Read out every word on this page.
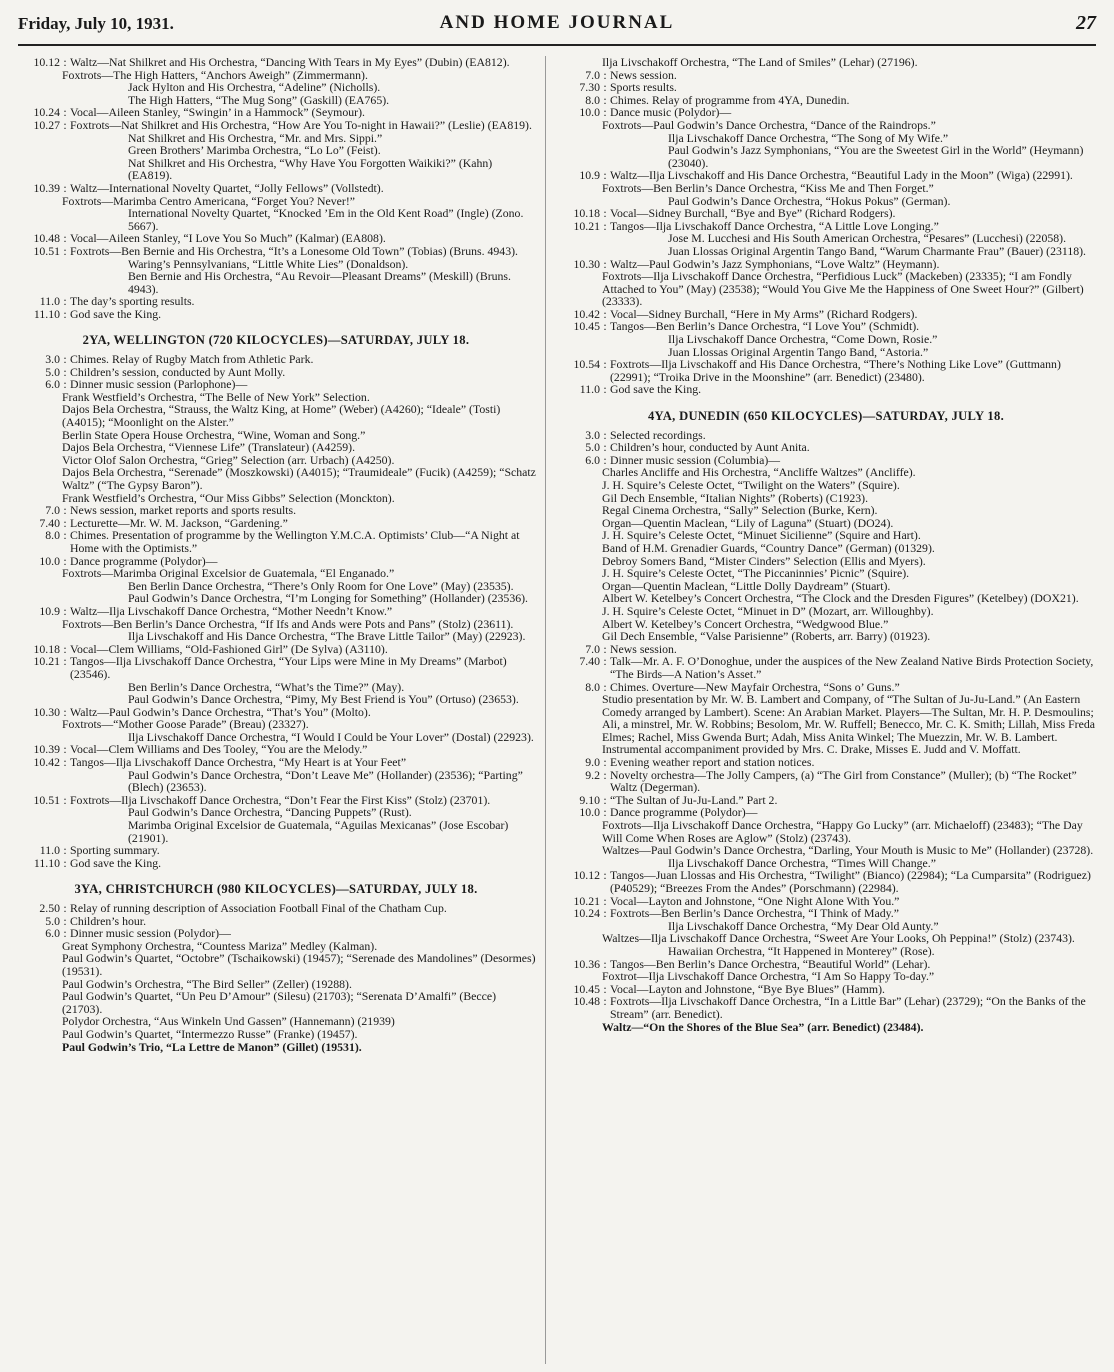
Friday, July 10, 1931.	AND HOME JOURNAL	27
10.12 : Waltz—Nat Shilkret and His Orchestra, “Dancing With Tears in My Eyes” (Dubin) (EA812).
Foxtrots—The High Hatters, “Anchors Aweigh” (Zimmermann).
Jack Hylton and His Orchestra, “Adeline” (Nicholls).
The High Hatters, “The Mug Song” (Gaskill) (EA765).
10.24 : Vocal—Aileen Stanley, “Swingin’ in a Hammock” (Seymour).
10.27 : Foxtrots—Nat Shilkret and His Orchestra, “How Are You To-night in Hawaii?” (Leslie) (EA819).
Nat Shilkret and His Orchestra, “Mr. and Mrs. Sippi.”
Green Brothers’ Marimba Orchestra, “Lo Lo” (Feist).
Nat Shilkret and His Orchestra, “Why Have You Forgotten Waikiki?” (Kahn) (EA819).
10.39 : Waltz—International Novelty Quartet, “Jolly Fellows” (Vollstedt).
Foxtrots—Marimba Centro Americana, “Forget You? Never!”
International Novelty Quartet, “Knocked ’Em in the Old Kent Road” (Ingle) (Zono. 5667).
10.48 : Vocal—Aileen Stanley, “I Love You So Much” (Kalmar) (EA808).
10.51 : Foxtrots—Ben Bernie and His Orchestra, “It’s a Lonesome Old Town” (Tobias) (Bruns. 4943).
Waring’s Pennsylvanians, “Little White Lies” (Donaldson).
Ben Bernie and His Orchestra, “Au Revoir—Pleasant Dreams” (Meskill) (Bruns. 4943).
11.0 : The day’s sporting results.
11.10 : God save the King.
2YA, WELLINGTON (720 KILOCYCLES)—SATURDAY, JULY 18.
3.0 : Chimes. Relay of Rugby Match from Athletic Park.
5.0 : Children’s session, conducted by Aunt Molly.
6.0 : Dinner music session (Parlophone)—
Frank Westfield’s Orchestra, “The Belle of New York” Selection.
Dajos Bela Orchestra, “Strauss, the Waltz King, at Home” (Weber) (A4260); “Ideale” (Tosti) (A4015); “Moonlight on the Alster.”
Berlin State Opera House Orchestra, “Wine, Woman and Song.”
Dajos Bela Orchestra, “Viennese Life” (Translateur) (A4259).
Victor Olof Salon Orchestra, “Grieg” Selection (arr. Urbach) (A4250).
Dajos Bela Orchestra, “Serenade” (Moszkowski) (A4015); “Traumideale” (Fucik) (A4259); “Schatz Waltz” (“The Gypsy Baron”).
Frank Westfield’s Orchestra, “Our Miss Gibbs” Selection (Monckton).
7.0 : News session, market reports and sports results.
7.40 : Lecturette—Mr. W. M. Jackson, “Gardening.”
8.0 : Chimes. Presentation of programme by the Wellington Y.M.C.A. Optimists’ Club—“A Night at Home with the Optimists.”
10.0 : Dance programme (Polydor)—
Foxtrots—Marimba Original Excelsior de Guatemala, “El Enganado.”
Ben Berlin Dance Orchestra, “There’s Only Room for One Love” (May) (23535).
Paul Godwin’s Dance Orchestra, “I’m Longing for Something” (Hollander) (23536).
10.9 : Waltz—Ilja Livschakoff Dance Orchestra, “Mother Needn’t Know.”
Foxtrots—Ben Berlin’s Dance Orchestra, “If Ifs and Ands were Pots and Pans” (Stolz) (23611).
Ilja Livschakoff and His Dance Orchestra, “The Brave Little Tailor” (May) (22923).
10.18 : Vocal—Clem Williams, “Old-Fashioned Girl” (De Sylva) (A3110).
10.21 : Tangos—Ilja Livschakoff Dance Orchestra, “Your Lips were Mine in My Dreams” (Marbot) (23546).
Ben Berlin’s Dance Orchestra, “What’s the Time?” (May).
Paul Godwin’s Dance Orchestra, “Pimy, My Best Friend is You” (Ortuso) (23653).
10.30 : Waltz—Paul Godwin’s Dance Orchestra, “That’s You” (Molto).
Foxtrots—“Mother Goose Parade” (Breau) (23327).
Ilja Livschakoff Dance Orchestra, “I Would I Could be Your Lover” (Dostal) (22923).
10.39 : Vocal—Clem Williams and Des Tooley, “You are the Melody.”
10.42 : Tangos—Ilja Livschakoff Dance Orchestra, “My Heart is at Your Feet”
Paul Godwin’s Dance Orchestra, “Don’t Leave Me” (Hollander) (23536); “Parting” (Blech) (23653).
10.51 : Foxtrots—Ilja Livschakoff Dance Orchestra, “Don’t Fear the First Kiss” (Stolz) (23701).
Paul Godwin’s Dance Orchestra, “Dancing Puppets” (Rust).
Marimba Original Excelsior de Guatemala, “Aguilas Mexicanas” (Jose Escobar) (21901).
11.0 : Sporting summary.
11.10 : God save the King.
3YA, CHRISTCHURCH (980 KILOCYCLES)—SATURDAY, JULY 18.
2.50 : Relay of running description of Association Football Final of the Chatham Cup.
5.0 : Children’s hour.
6.0 : Dinner music session (Polydor)—
Great Symphony Orchestra, “Countess Mariza” Medley (Kalman).
Paul Godwin’s Quartet, “Octobre” (Tschaikowski) (19457); “Serenade des Mandolines” (Desormes) (19531).
Paul Godwin’s Orchestra, “The Bird Seller” (Zeller) (19288).
Paul Godwin’s Quartet, “Un Peu D’Amour” (Silesu) (21703); “Serenata D’Amalfi” (Becce) (21703).
Polydor Orchestra, “Aus Winkeln Und Gassen” (Hannemann) (21939)
Paul Godwin’s Quartet, “Intermezzo Russe” (Franke) (19457).
Paul Godwin’s Trio, “La Lettre de Manon” (Gillet) (19531).
Ilja Livschakoff Orchestra, “The Land of Smiles” (Lehar) (27196).
7.0 : News session.
7.30 : Sports results.
8.0 : Chimes. Relay of programme from 4YA, Dunedin.
10.0 : Dance music (Polydor)—
Foxtrots—Paul Godwin’s Dance Orchestra, “Dance of the Raindrops.”
Ilja Livschakoff Dance Orchestra, “The Song of My Wife.”
Paul Godwin’s Jazz Symphonians, “You are the Sweetest Girl in the World” (Heymann) (23040).
10.9 : Waltz—Ilja Livschakoff and His Dance Orchestra, “Beautiful Lady in the Moon” (Wiga) (22991).
Foxtrots—Ben Berlin’s Dance Orchestra, “Kiss Me and Then Forget.”
Paul Godwin’s Dance Orchestra, “Hokus Pokus” (German).
10.18 : Vocal—Sidney Burchall, “Bye and Bye” (Richard Rodgers).
10.21 : Tangos—Ilja Livschakoff Dance Orchestra, “A Little Love Longing.”
Jose M. Lucchesi and His South American Orchestra, “Pesares” (Lucchesi) (22058).
Juan Llossas Original Argentin Tango Band, “Warum Charmante Frau” (Bauer) (23118).
10.30 : Waltz—Paul Godwin’s Jazz Symphonians, “Love Waltz” (Heymann).
Foxtrots—Ilja Livschakoff Dance Orchestra, “Perfidious Luck” (Mackeben) (23335); “I am Fondly Attached to You” (May) (23538); “Would You Give Me the Happiness of One Sweet Hour?” (Gilbert) (23333).
10.42 : Vocal—Sidney Burchall, “Here in My Arms” (Richard Rodgers).
10.45 : Tangos—Ben Berlin’s Dance Orchestra, “I Love You” (Schmidt).
Ilja Livschakoff Dance Orchestra, “Come Down, Rosie.”
Juan Llossas Original Argentin Tango Band, “Astoria.”
10.54 : Foxtrots—Ilja Livschakoff and His Dance Orchestra, “There’s Nothing Like Love” (Guttmann) (22991); “Troika Drive in the Moonshine” (arr. Benedict) (23480).
11.0 : God save the King.
4YA, DUNEDIN (650 KILOCYCLES)—SATURDAY, JULY 18.
3.0 : Selected recordings.
5.0 : Children’s hour, conducted by Aunt Anita.
6.0 : Dinner music session (Columbia)—
Charles Ancliffe and His Orchestra, “Ancliffe Waltzes” (Ancliffe).
J. H. Squire’s Celeste Octet, “Twilight on the Waters” (Squire).
Gil Dech Ensemble, “Italian Nights” (Roberts) (C1923).
Regal Cinema Orchestra, “Sally” Selection (Burke, Kern).
Organ—Quentin Maclean, “Lily of Laguna” (Stuart) (DO24).
J. H. Squire’s Celeste Octet, “Minuet Sicilienne” (Squire and Hart).
Band of H.M. Grenadier Guards, “Country Dance” (German) (01329).
Debroy Somers Band, “Mister Cinders” Selection (Ellis and Myers).
J. H. Squire’s Celeste Octet, “The Piccaninnies’ Picnic” (Squire).
Organ—Quentin Maclean, “Little Dolly Daydream” (Stuart).
Albert W. Ketelbey’s Concert Orchestra, “The Clock and the Dresden Figures” (Ketelbey) (DOX21).
J. H. Squire’s Celeste Octet, “Minuet in D” (Mozart, arr. Willoughby).
Albert W. Ketelbey’s Concert Orchestra, “Wedgwood Blue.”
Gil Dech Ensemble, “Valse Parisienne” (Roberts, arr. Barry) (01923).
7.0 : News session.
7.40 : Talk—Mr. A. F. O’Donoghue, under the auspices of the New Zealand Native Birds Protection Society, “The Birds—A Nation’s Asset.”
8.0 : Chimes. Overture—New Mayfair Orchestra, “Sons o’ Guns.”
Studio presentation by Mr. W. B. Lambert and Company, of “The Sultan of Ju-Ju-Land.” (An Eastern Comedy arranged by Lambert). Scene: An Arabian Market. Players—The Sultan, Mr. H. P. Desmoulins; Ali, a minstrel, Mr. W. Robbins; Besolom, Mr. W. Ruffell; Benecco, Mr. C. K. Smith; Lillah, Miss Freda Elmes; Rachel, Miss Gwenda Burt; Adah, Miss Anita Winkel; The Muezzin, Mr. W. B. Lambert. Instrumental accompaniment provided by Mrs. C. Drake, Misses E. Judd and V. Moffatt.
9.0 : Evening weather report and station notices.
9.2 : Novelty orchestra—The Jolly Campers, (a) “The Girl from Constance” (Muller); (b) “The Rocket” Waltz (Degerman).
9.10 : “The Sultan of Ju-Ju-Land.” Part 2.
10.0 : Dance programme (Polydor)—
Foxtrots—Ilja Livschakoff Dance Orchestra, “Happy Go Lucky” (arr. Michaeloff) (23483); “The Day Will Come When Roses are Aglow” (Stolz) (23743).
Waltzes—Paul Godwin’s Dance Orchestra, “Darling, Your Mouth is Music to Me” (Hollander) (23728).
Ilja Livschakoff Dance Orchestra, “Times Will Change.”
10.12 : Tangos—Juan Llossas and His Orchestra, “Twilight” (Bianco) (22984); “La Cumparsita” (Rodriguez) (P40529); “Breezes From the Andes” (Porschmann) (22984).
10.21 : Vocal—Layton and Johnstone, “One Night Alone With You.”
10.24 : Foxtrots—Ben Berlin’s Dance Orchestra, “I Think of Mady.”
Ilja Livschakoff Dance Orchestra, “My Dear Old Aunty.”
Waltzes—Ilja Livschakoff Dance Orchestra, “Sweet Are Your Looks, Oh Peppina!” (Stolz) (23743).
Hawaiian Orchestra, “It Happened in Monterey” (Rose).
10.36 : Tangos—Ben Berlin’s Dance Orchestra, “Beautiful World” (Lehar).
Foxtrot—Ilja Livschakoff Dance Orchestra, “I Am So Happy To-day.”
10.45 : Vocal—Layton and Johnstone, “Bye Bye Blues” (Hamm).
10.48 : Foxtrots—Ilja Livschakoff Dance Orchestra, “In a Little Bar” (Lehar) (23729); “On the Banks of the Stream” (arr. Benedict).
Waltz—“On the Shores of the Blue Sea” (arr. Benedict) (23484).
